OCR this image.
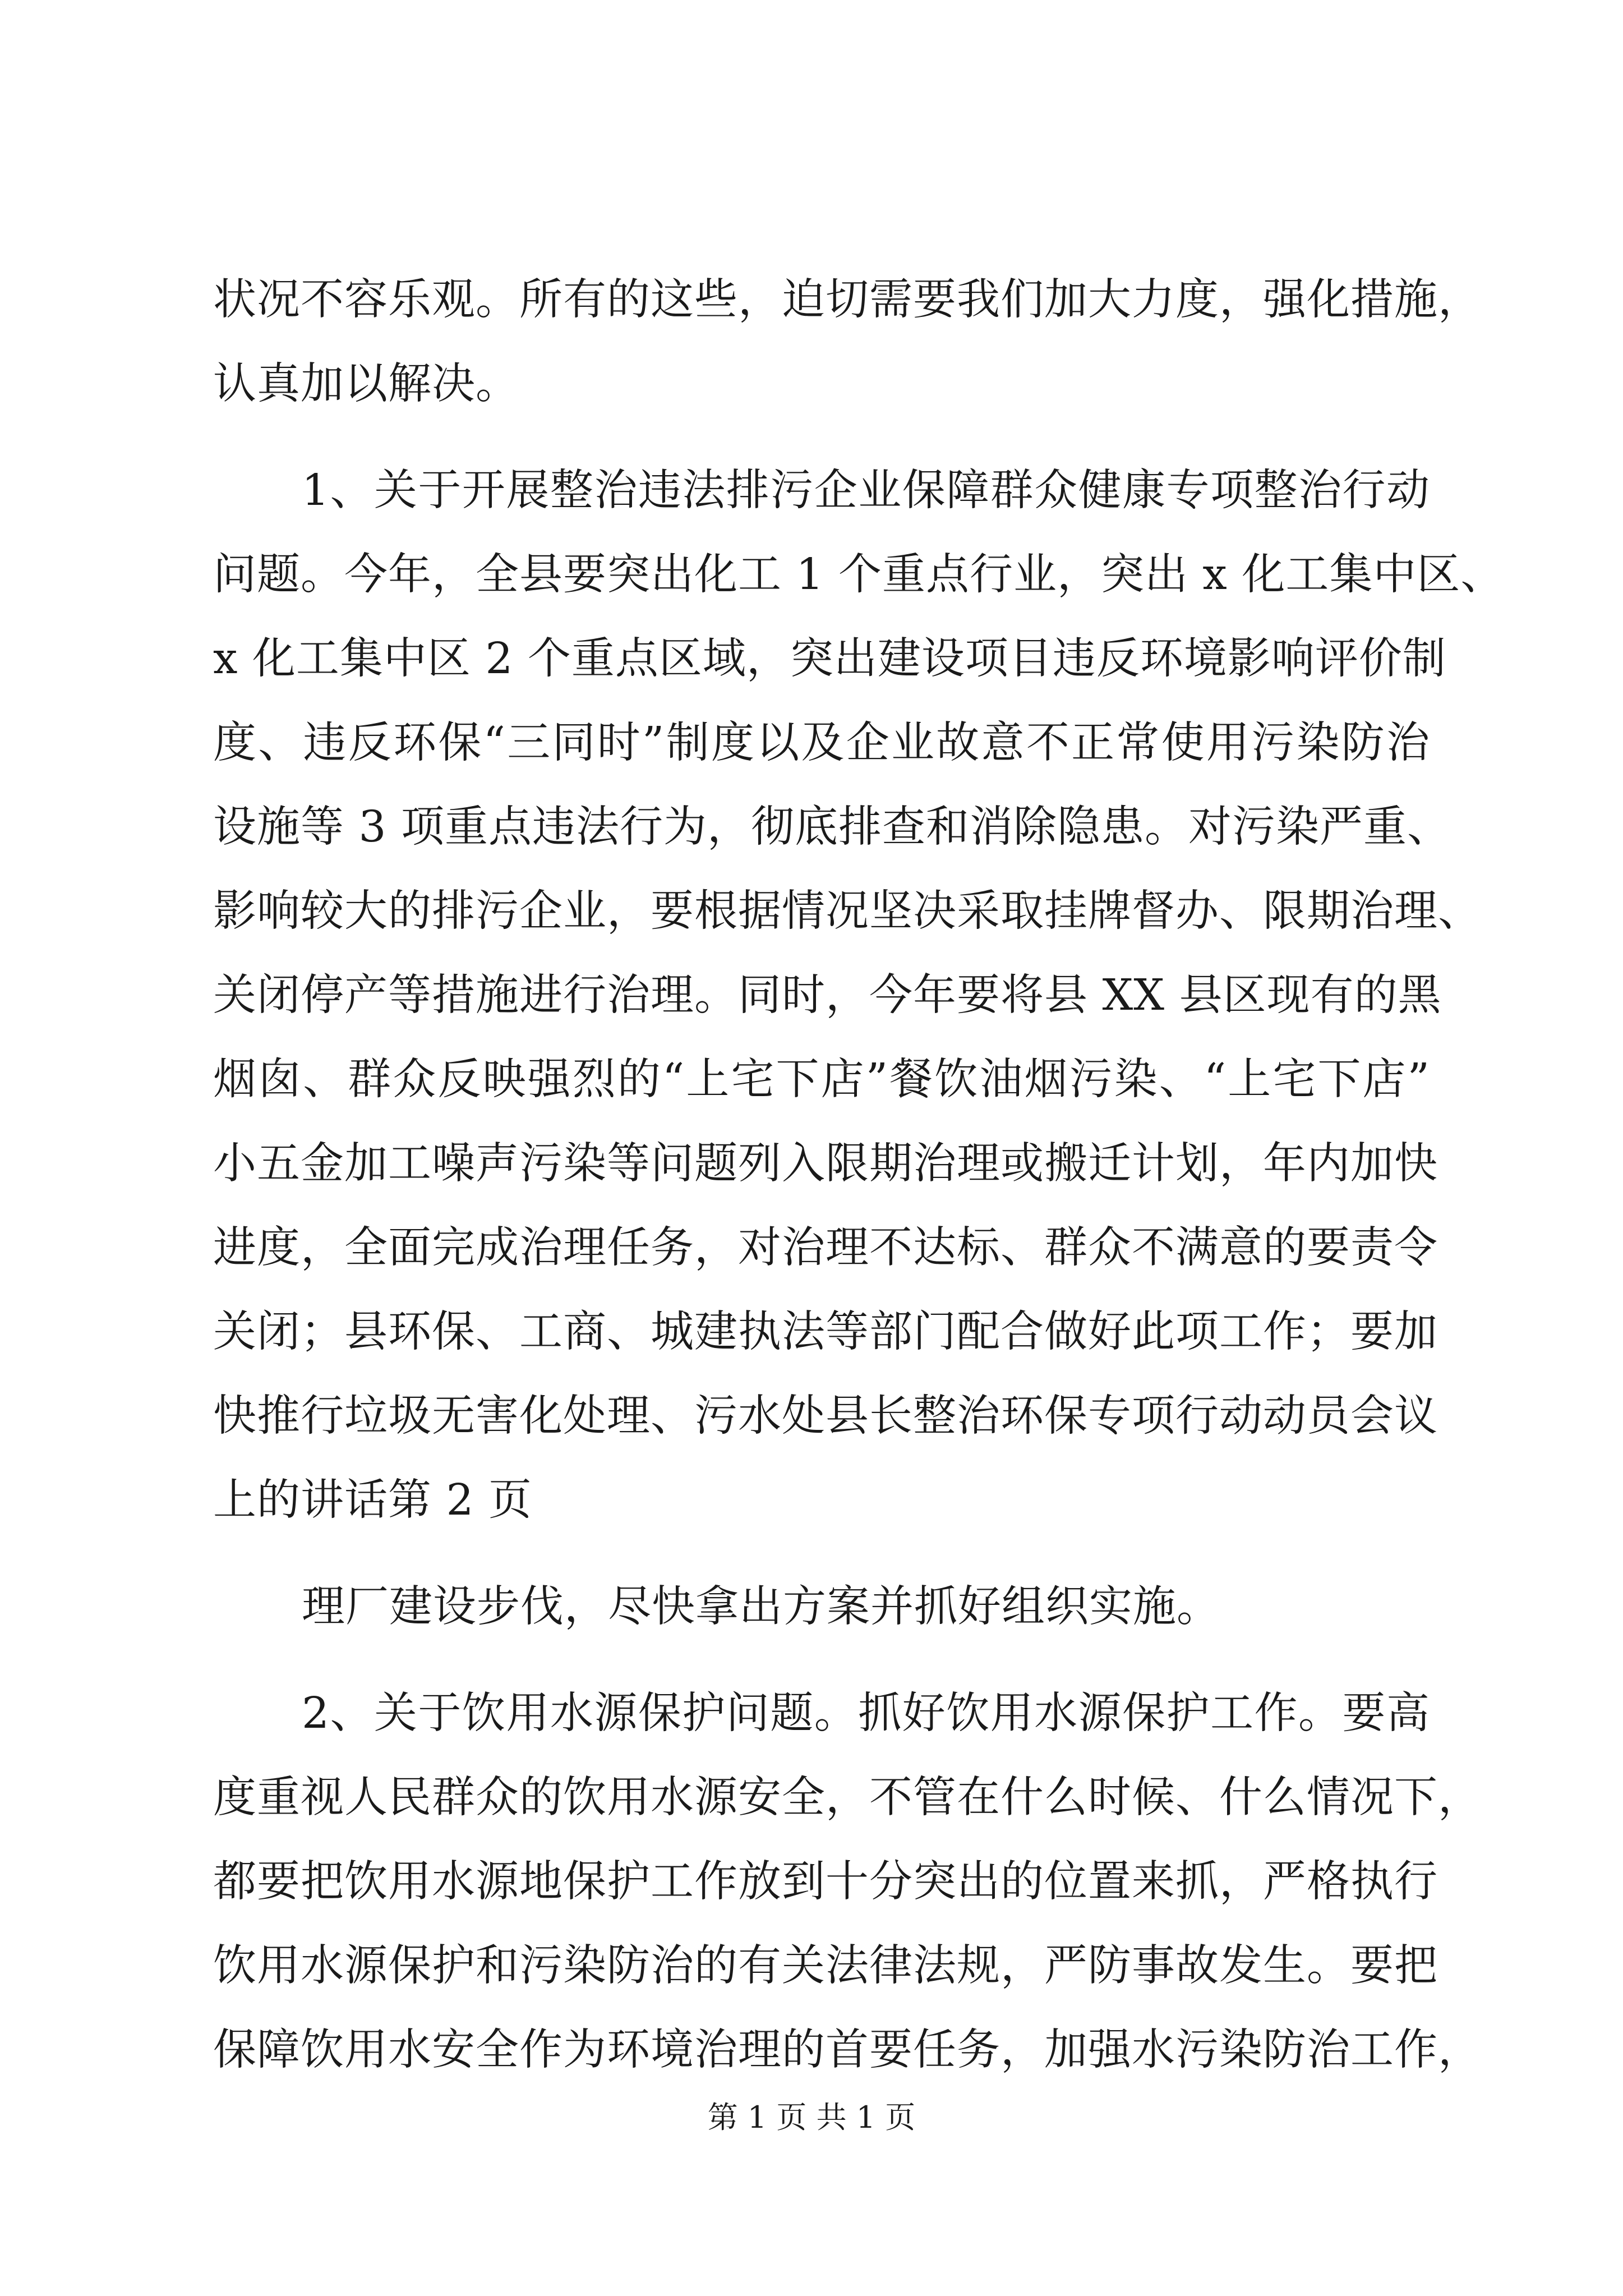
状况不容乐观。所有的这些，迫切需要我们加大力度，强化措施，
认真加以解决。
1、关于开展整治违法排污企业保障群众健康专项整治行动
问题。今年，全县要突出化工 1 个重点行业，突出 x 化工集中区、
x 化工集中区 2 个重点区域，突出建设项目违反环境影响评价制
度、违反环保“三同时”制度以及企业故意不正常使用污染防治
设施等 3 项重点违法行为，彻底排查和消除隐患。对污染严重、
影响较大的排污企业，要根据情况坚决采取挂牌督办、限期治理、
关闭停产等措施进行治理。同时，今年要将县 XX 县区现有的黑
烟囱、群众反映强烈的“上宅下店”餐饮油烟污染、“上宅下店”
小五金加工噪声污染等问题列入限期治理或搬迁计划，年内加快
进度，全面完成治理任务，对治理不达标、群众不满意的要责令
关闭；县环保、工商、城建执法等部门配合做好此项工作；要加
快推行垃圾无害化处理、污水处县长整治环保专项行动动员会议
上的讲话第 2 页
理厂建设步伐，尽快拿出方案并抓好组织实施。
2、关于饮用水源保护问题。抓好饮用水源保护工作。要高
度重视人民群众的饮用水源安全，不管在什么时候、什么情况下，
都要把饮用水源地保护工作放到十分突出的位置来抓，严格执行
饮用水源保护和污染防治的有关法律法规，严防事故发生。要把
保障饮用水安全作为环境治理的首要任务，加强水污染防治工作，
第 1 页 共 1 页
